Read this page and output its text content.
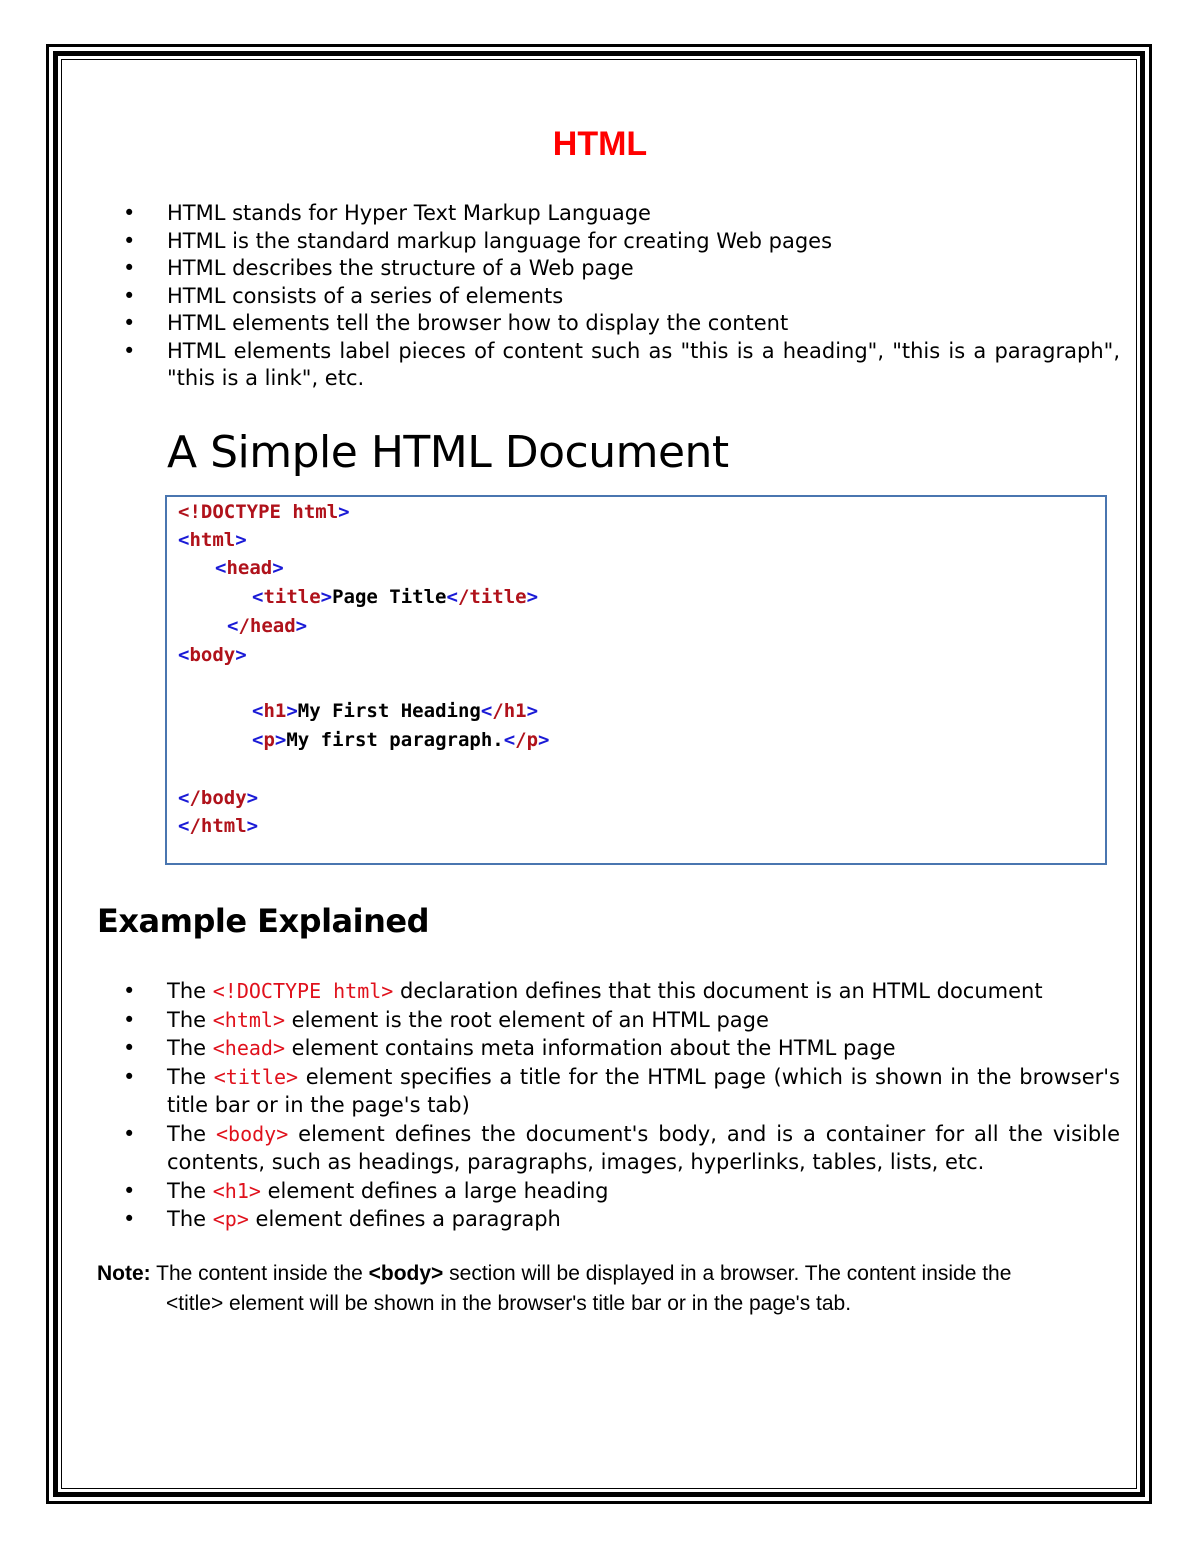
HTML
• HTML stands for Hyper Text Markup Language
• HTML is the standard markup language for creating Web pages
• HTML describes the structure of a Web page
• HTML consists of a series of elements
• HTML elements tell the browser how to display the content
• HTML elements label pieces of content such as "this is a heading", "this is a paragraph", "this is a link", etc.
A Simple HTML Document
<!DOCTYPE html>
<html>
<head>
<title>Page Title</title>
</head>
<body>
<h1>My First Heading</h1>
<p>My first paragraph.</p>
</body>
</html>
Example Explained
• The <!DOCTYPE html> declaration defines that this document is an HTML document
• The <html> element is the root element of an HTML page
• The <head> element contains meta information about the HTML page
• The <title> element specifies a title for the HTML page (which is shown in the browser's title bar or in the page's tab)
• The <body> element defines the document's body, and is a container for all the visible contents, such as headings, paragraphs, images, hyperlinks, tables, lists, etc.
• The <h1> element defines a large heading
• The <p> element defines a paragraph

Note: The content inside the <body> section will be displayed in a browser. The content inside the
<title> element will be shown in the browser's title bar or in the page's tab.
